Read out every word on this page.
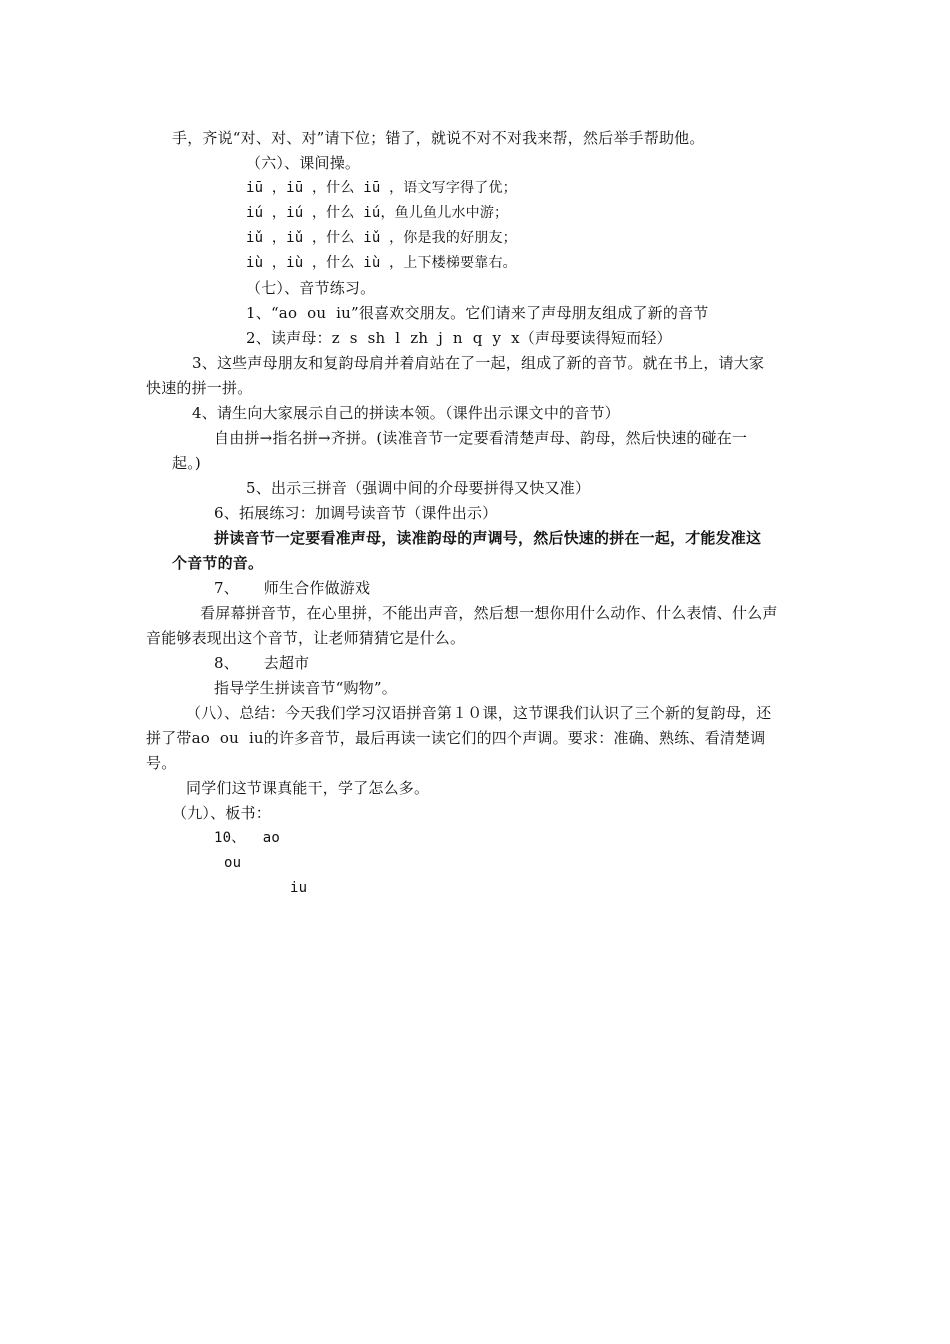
手，齐说“对、对、对”请下位；错了，就说不对不对我来帮，然后举手帮助他。
（六）、课间操。
iū ，iū ，什么 iū ，语文写字得了优；
iú ，iú ，什么 iú，鱼儿鱼儿水中游；
iǔ ，iǔ ，什么 iǔ ，你是我的好朋友；
iù ，iù ，什么 iù ，上下楼梯要靠右。
（七）、音节练习。
1、“ao  ou  iu”很喜欢交朋友。它们请来了声母朋友组成了新的音节
2、读声母：z  s  sh  l  zh  j  n  q  y  x（声母要读得短而轻）
3、这些声母朋友和复韵母肩并着肩站在了一起，组成了新的音节。就在书上，请大家
快速的拼一拼。
4、请生向大家展示自己的拼读本领。（课件出示课文中的音节）
自由拼→指名拼→齐拼。(读准音节一定要看清楚声母、韵母，然后快速的碰在一
起。)
5、出示三拼音（强调中间的介母要拼得又快又准）
6、拓展练习：加调号读音节（课件出示）
拼读音节一定要看准声母，读准韵母的声调号，然后快速的拼在一起，才能发准这
个音节的音。
7、     师生合作做游戏
看屏幕拼音节，在心里拼，不能出声音，然后想一想你用什么动作、什么表情、什么声
音能够表现出这个音节，让老师猜猜它是什么。
8、     去超市
指导学生拼读音节“购物”。
（八）、总结：今天我们学习汉语拼音第１０课，这节课我们认识了三个新的复韵母，还
拼了带ao  ou  iu的许多音节，最后再读一读它们的四个声调。要求：准确、熟练、看清楚调
号。
同学们这节课真能干，学了怎么多。
（九）、板书：
10、  ao
ou
iu
